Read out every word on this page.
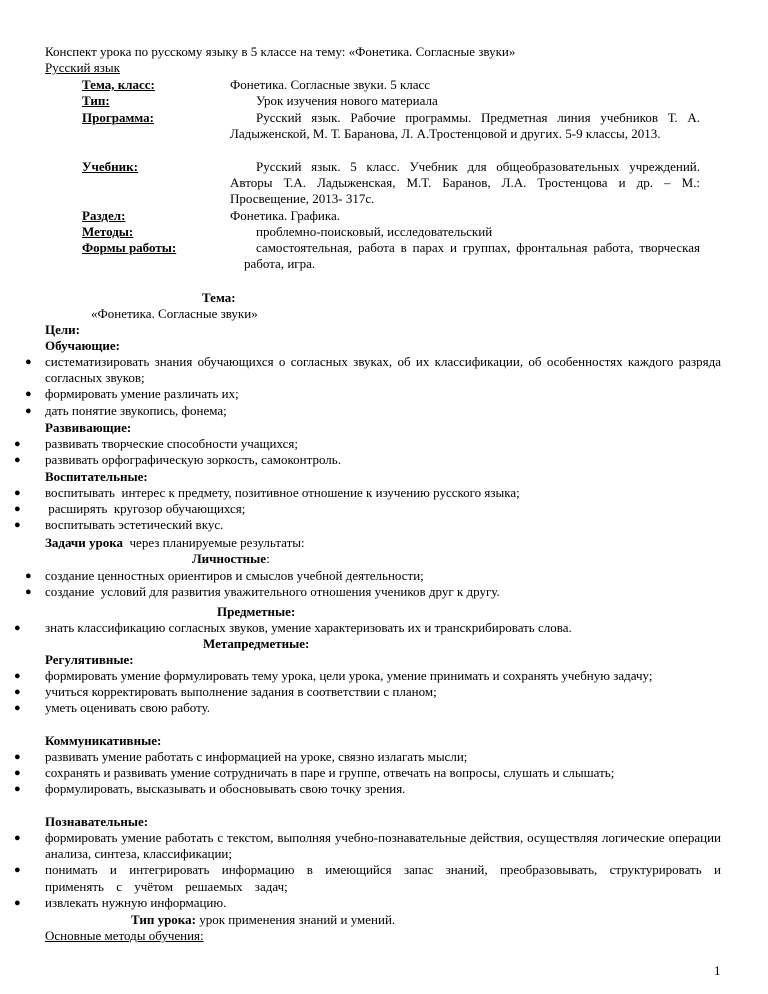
Конспект урока по русскому языку в 5 классе на тему: «Фонетика. Согласные звуки»
Русский язык
Тема, класс:	Фонетика. Согласные звуки. 5 класс
Тип:	Урок изучения нового материала
Программа:	Русский язык. Рабочие программы. Предметная линия учебников Т. А. Ладыженской, М. Т. Баранова, Л. А.Тростенцовой и других. 5-9 классы, 2013.
Учебник:	Русский язык. 5 класс. Учебник для общеобразовательных учреждений. Авторы Т.А. Ладыженская, М.Т. Баранов, Л.А. Тростенцова и др. – М.: Просвещение, 2013- 317с.
Раздел:	Фонетика. Графика.
Методы:	проблемно-поисковый, исследовательский
Формы работы:	самостоятельная, работа в парах и группах, фронтальная работа, творческая работа, игра.
Тема:
«Фонетика. Согласные звуки»
Цели:
Обучающие:
● систематизировать знания обучающихся о согласных звуках, об их классификации, об особенностях каждого разряда согласных звуков;
● формировать умение различать их;
● дать понятие звукопись, фонема;
Развивающие:
● развивать творческие способности учащихся;
● развивать орфографическую зоркость, самоконтроль.
Воспитательные:
● воспитывать  интерес к предмету, позитивное отношение к изучению русского языка;
● расширять  кругозор обучающихся;
● воспитывать эстетический вкус.
Задачи урока  через планируемые результаты:
Личностные:
● создание ценностных ориентиров и смыслов учебной деятельности;
● создание  условий для развития уважительного отношения учеников друг к другу.
Предметные:
● знать классификацию согласных звуков, умение характеризовать их и транскрибировать слова.
Метапредметные:
Регулятивные:
● формировать умение формулировать тему урока, цели урока, умение принимать и сохранять учебную задачу;
● учиться корректировать выполнение задания в соответствии с планом;
● уметь оценивать свою работу.
Коммуникативные:
● развивать умение работать с информацией на уроке, связно излагать мысли;
● сохранять и развивать умение сотрудничать в паре и группе, отвечать на вопросы, слушать и слышать;
● формулировать, высказывать и обосновывать свою точку зрения.
Познавательные:
● формировать умение работать с текстом, выполняя учебно-познавательные действия, осуществляя логические операции анализа, синтеза, классификации;
● понимать и интегрировать информацию в имеющийся запас знаний, преобразовывать, структурировать и применять с учётом решаемых задач;
● извлекать нужную информацию.
Тип урока: урок применения знаний и умений.
Основные методы обучения:
1
